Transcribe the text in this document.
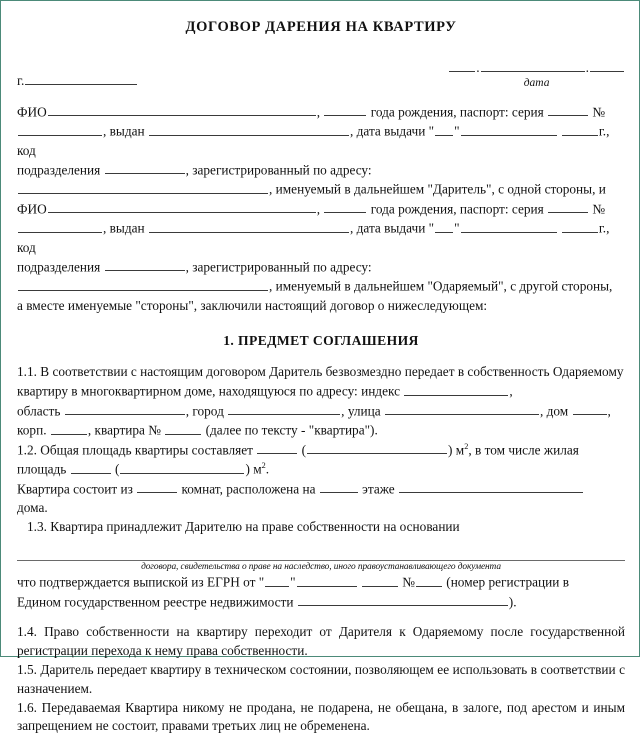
ДОГОВОР ДАРЕНИЯ НА КВАРТИРУ
г.
.	.
дата

ФИО	,	года рождения, паспорт: серия	№

, выдан	, дата выдачи " "	г., код

подразделения	, зарегистрированный по адресу:

, именуемый в дальнейшем "Даритель", с одной стороны, и

ФИО	,	года рождения, паспорт: серия	№

, выдан	, дата выдачи " "	г., код

подразделения	, зарегистрированный по адресу:

, именуемый в дальнейшем "Одаряемый", с другой стороны,

а вместе именуемые "стороны", заключили настоящий договор о нижеследующем:

1. ПРЕДМЕТ СОГЛАШЕНИЯ

1.1. В соответствии с настоящим договором Даритель безвозмездно передает в собственность Одаряемому квартиру в многоквартирном доме, находящуюся по адресу: индекс	,

область	, город	, улица	, дом	,

корп.	, квартира №	(далее по тексту - "квартира").

1.2. Общая площадь квартиры составляет	(	) $м^2$, в том числе жилая

площадь	(	) $м^2$.

Квартира состоит из	комнат, расположена на	этаже

дома.

1.3. Квартира принадлежит Дарителю на праве собственности на основании

договора, свидетельства о праве на наследство, иного правоустанавливающего документа

что подтверждается выпиской из ЕГРН от " "	№ (номер регистрации в

Едином государственном реестре недвижимости	).

1.4. Право собственности на квартиру переходит от Дарителя к Одаряемому после государственной регистрации перехода к нему права собственности.

1.5. Даритель передает квартиру в техническом состоянии, позволяющем ее использовать в соответствии с назначением.

1.6. Передаваемая Квартира никому не продана, не подарена, не обещана, в залоге, под арестом и иным запрещением не состоит, правами третьих лиц не обременена.
